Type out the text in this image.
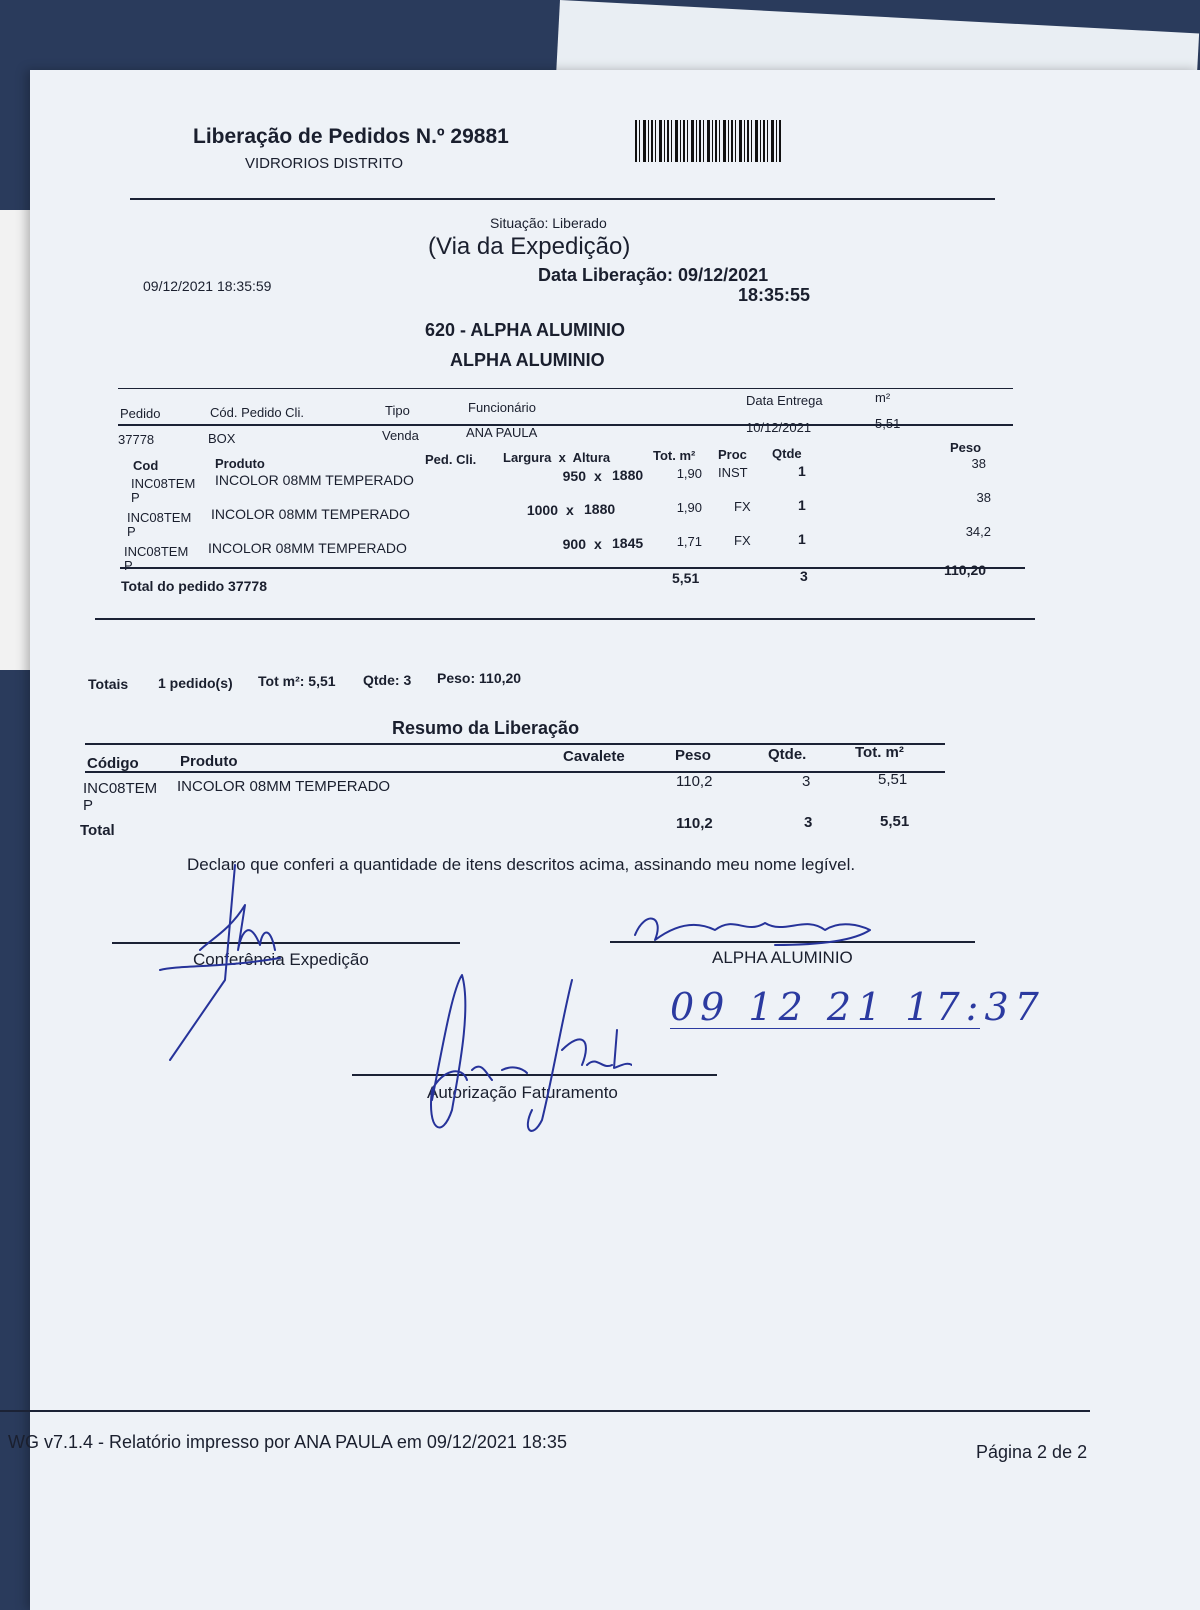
Liberação de Pedidos N.º 29881
VIDRORIOS DISTRITO
Situação: Liberado
(Via da Expedição)
09/12/2021 18:35:59
Data Liberação: 09/12/2021
18:35:55
620 - ALPHA ALUMINIO
ALPHA ALUMINIO
Pedido	Cód. Pedido Cli.	Tipo	Funcionário	Data Entrega	m²
37778	BOX	Venda	ANA PAULA	10/12/2021	5,51
Cod	Produto	Ped. Cli. Largura  x  Altura	Tot. m² Proc Qtde	Peso
INC08TEM
P
INCOLOR 08MM TEMPERADO	950 x 1880	1,90 INST	1	38
INC08TEM
P
INCOLOR 08MM TEMPERADO	1000 x 1880	1,90 FX	1	38
INC08TEM
P
INCOLOR 08MM TEMPERADO	900 x 1845	1,71 FX	1	34,2
Total do pedido 37778	5,51	3	110,20
Totais 1 pedido(s) Tot m²: 5,51 Qtde: 3 Peso: 110,20
Resumo da Liberação
Código	Produto	Cavalete	Peso	Qtde.	Tot. m²
INC08TEM
P
INCOLOR 08MM TEMPERADO	110,2	3	5,51
Total	110,2	3	5,51
Declaro que conferi a quantidade de itens descritos acima, assinando meu nome legível.
Conferência Expedição	ALPHA ALUMINIO
Autorização Faturamento
09 12 21 17:37
WG v7.1.4 - Relatório impresso por ANA PAULA em 09/12/2021 18:35	Página 2 de 2
